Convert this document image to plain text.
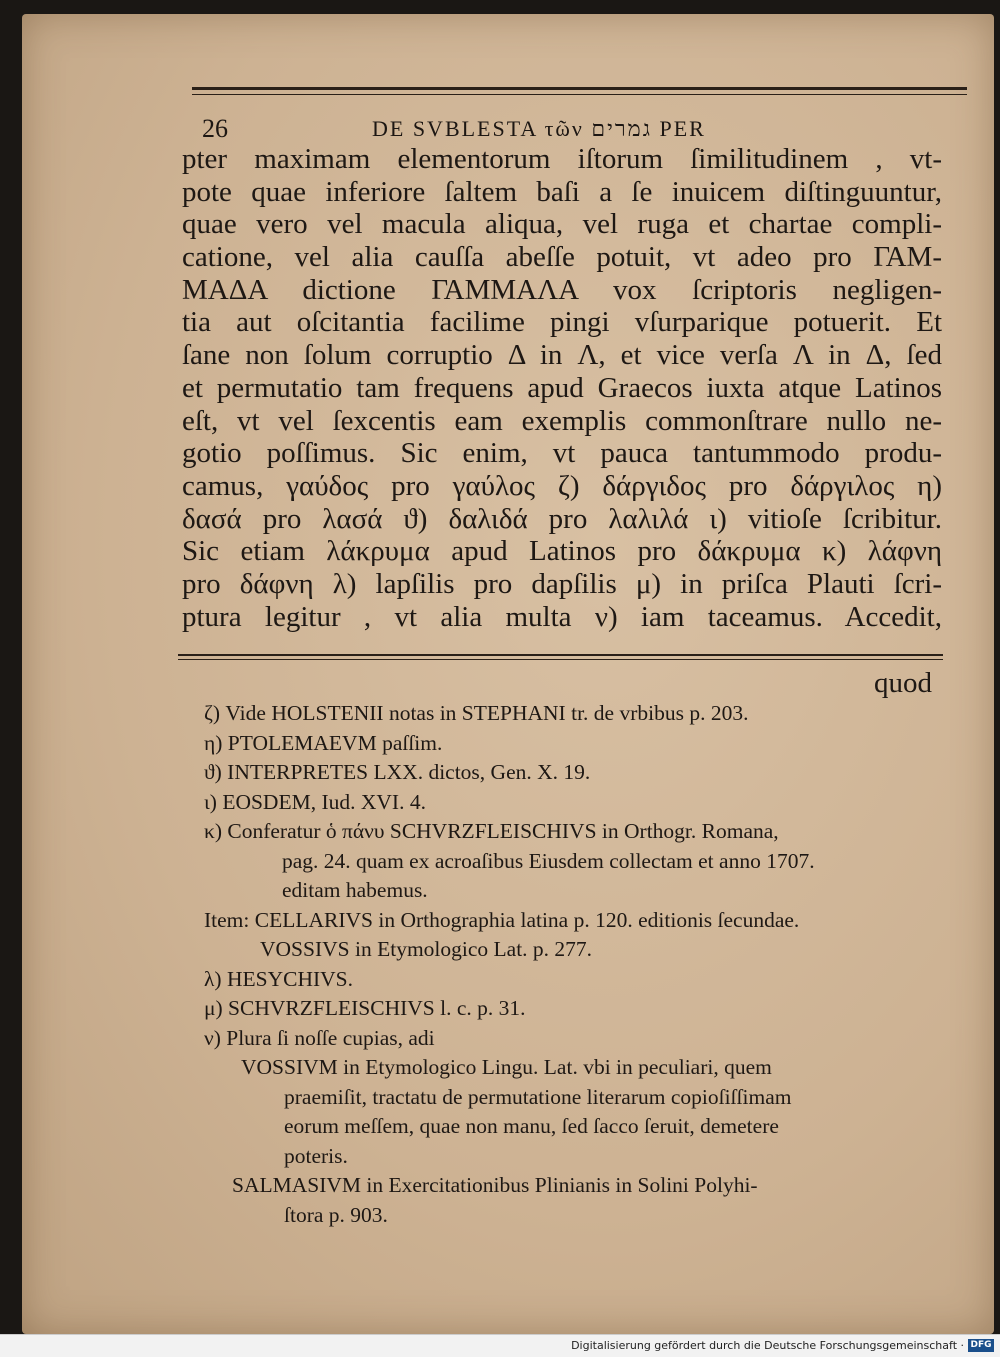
26	DE SVBLESTA τῶν גמרים PER
pter maximam elementorum iſtorum ſimilitudinem , vt-
pote quae inferiore ſaltem baſi a ſe inuicem diſtinguuntur,
quae vero vel macula aliqua, vel ruga et chartae compli-
catione, vel alia cauſſa abeſſe potuit, vt adeo pro ΓΑΜ-
ΜΑΔΑ dictione ΓΑΜΜΑΛΑ vox ſcriptoris negligen-
tia aut oſcitantia facilime pingi vſurparique potuerit. Et
ſane non ſolum corruptio Δ in Λ, et vice verſa Λ in Δ, ſed
et permutatio tam frequens apud Graecos iuxta atque Latinos
eſt, vt vel ſexcentis eam exemplis commonſtrare nullo ne-
gotio poſſimus. Sic enim, vt pauca tantummodo produ-
camus, γαύδος pro γαύλος ζ) δάργιδος pro δάργιλος η)
δασά pro λασά ϑ) δαλιδά pro λαλιλά ι) vitioſe ſcribitur.
Sic etiam λάκρυμα apud Latinos pro δάκρυμα κ) λάφνη
pro δάφνη λ) lapſilis pro dapſilis μ) in priſca Plauti ſcri-
ptura legitur , vt alia multa ν) iam taceamus. Accedit,
quod
ζ) Vide HOLSTENII notas in STEPHANI tr. de vrbibus p. 203.
η) PTOLEMAEVM paſſim.
ϑ) INTERPRETES LXX. dictos, Gen. X. 19.
ι) EOSDEM, Iud. XVI. 4.
κ) Conferatur ὁ πάνυ SCHVRZFLEISCHIVS in Orthogr. Romana,
pag. 24. quam ex acroaſibus Eiusdem collectam et anno 1707.
editam habemus.
Item: CELLARIVS in Orthographia latina p. 120. editionis ſecundae.
VOSSIVS in Etymologico Lat. p. 277.
λ) HESYCHIVS.
μ) SCHVRZFLEISCHIVS l. c. p. 31.
ν) Plura ſi noſſe cupias, adi
VOSSIVM in Etymologico Lingu. Lat. vbi in peculiari, quem
praemiſit, tractatu de permutatione literarum copioſiſſimam
eorum meſſem, quae non manu, ſed ſacco ſeruit, demetere
poteris.
SALMASIVM in Exercitationibus Plinianis in Solini Polyhi-
ſtora p. 903.
Digitalisierung gefördert durch die Deutsche Forschungsgemeinschaft · DFG
